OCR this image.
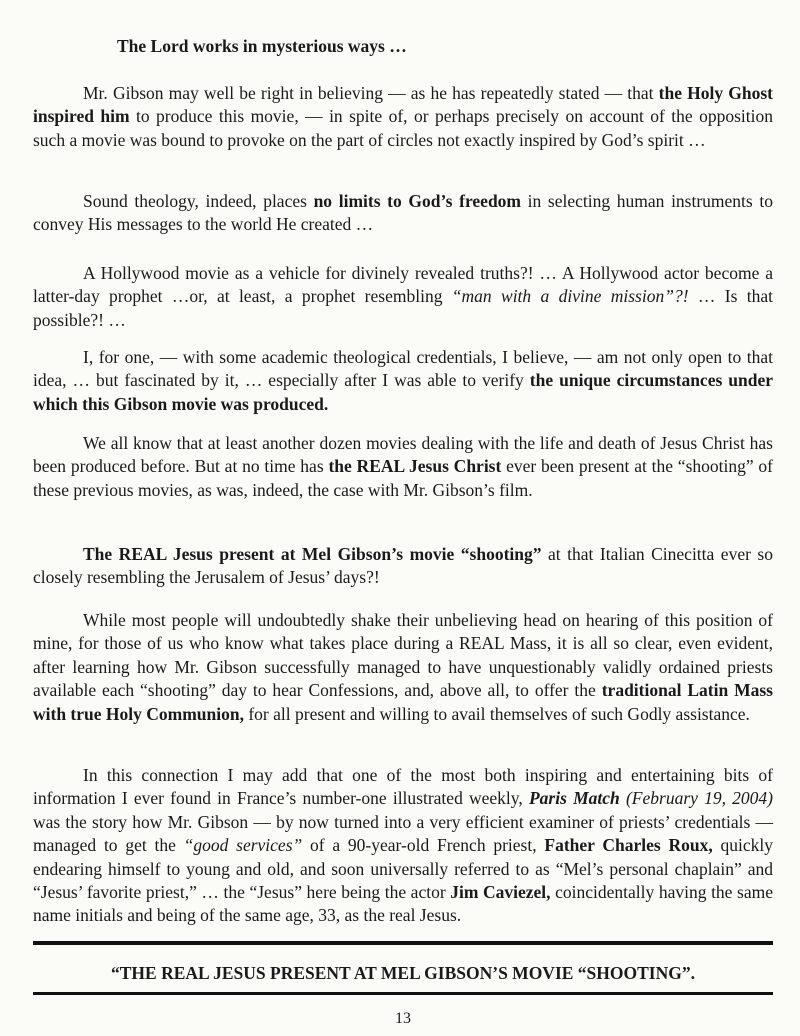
The Lord works in mysterious ways …

Mr. Gibson may well be right in believing — as he has repeatedly stated — that the Holy Ghost inspired him to produce this movie, — in spite of, or perhaps precisely on account of the opposition such a movie was bound to provoke on the part of circles not exactly inspired by God’s spirit …

Sound theology, indeed, places no limits to God’s freedom in selecting human instruments to convey His messages to the world He created …

A Hollywood movie as a vehicle for divinely revealed truths?! … A Hollywood actor become a latter-day prophet …or, at least, a prophet resembling “man with a divine mission”?! … Is that possible?! …

I, for one, — with some academic theological credentials, I believe, — am not only open to that idea, … but fascinated by it, … especially after I was able to verify the unique circumstances under which this Gibson movie was produced.

We all know that at least another dozen movies dealing with the life and death of Jesus Christ has been produced before. But at no time has the REAL Jesus Christ ever been present at the “shooting” of these previous movies, as was, indeed, the case with Mr. Gibson’s film.

The REAL Jesus present at Mel Gibson’s movie “shooting” at that Italian Cinecitta ever so closely resembling the Jerusalem of Jesus’ days?!

While most people will undoubtedly shake their unbelieving head on hearing of this position of mine, for those of us who know what takes place during a REAL Mass, it is all so clear, even evident, after learning how Mr. Gibson successfully managed to have unquestionably validly ordained priests available each “shooting” day to hear Confessions, and, above all, to offer the traditional Latin Mass with true Holy Communion, for all present and willing to avail themselves of such Godly assistance.

In this connection I may add that one of the most both inspiring and entertaining bits of information I ever found in France’s number-one illustrated weekly, Paris Match (February 19, 2004) was the story how Mr. Gibson — by now turned into a very efficient examiner of priests’ credentials — managed to get the “good services” of a 90-year-old French priest, Father Charles Roux, quickly endearing himself to young and old, and soon universally referred to as “Mel’s personal chaplain” and “Jesus’ favorite priest,” … the “Jesus” here being the actor Jim Caviezel, coincidentally having the same name initials and being of the same age, 33, as the real Jesus.

“THE REAL JESUS PRESENT AT MEL GIBSON’S MOVIE “SHOOTING”.
13
